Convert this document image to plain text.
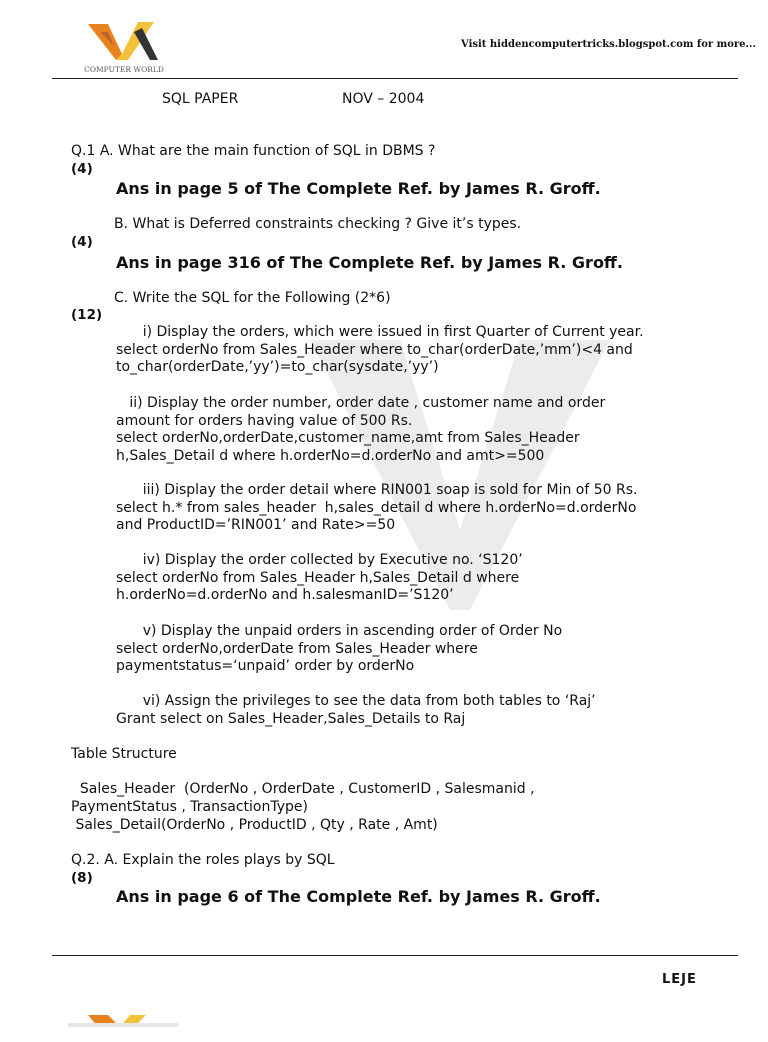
COMPUTER WORLD
Visit hiddencomputertricks.blogspot.com for more...
SQL PAPER	NOV – 2004
Q.1 A. What are the main function of SQL in DBMS ?
(4)
Ans in page 5 of The Complete Ref. by James R. Groff.
B. What is Deferred constraints checking ? Give it’s types.
(4)
Ans in page 316 of The Complete Ref. by James R. Groff.
C. Write the SQL for the Following (2*6)
(12)
i) Display the orders, which were issued in first Quarter of Current year.
select orderNo from Sales_Header where to_char(orderDate,’mm’)<4 and
to_char(orderDate,’yy’)=to_char(sysdate,’yy’)
ii) Display the order number, order date , customer name and order
amount for orders having value of 500 Rs.
select orderNo,orderDate,customer_name,amt from Sales_Header
h,Sales_Detail d where h.orderNo=d.orderNo and amt>=500
iii) Display the order detail where RIN001 soap is sold for Min of 50 Rs.
select h.* from sales_header  h,sales_detail d where h.orderNo=d.orderNo
and ProductID=’RIN001’ and Rate>=50
iv) Display the order collected by Executive no. ‘S120’
select orderNo from Sales_Header h,Sales_Detail d where
h.orderNo=d.orderNo and h.salesmanID=’S120’
v) Display the unpaid orders in ascending order of Order No
select orderNo,orderDate from Sales_Header where
paymentstatus=‘unpaid’ order by orderNo
vi) Assign the privileges to see the data from both tables to ‘Raj’
Grant select on Sales_Header,Sales_Details to Raj
Table Structure
Sales_Header  (OrderNo , OrderDate , CustomerID , Salesmanid ,
PaymentStatus , TransactionType)
Sales_Detail(OrderNo , ProductID , Qty , Rate , Amt)
Q.2. A. Explain the roles plays by SQL
(8)
Ans in page 6 of The Complete Ref. by James R. Groff.
LEJE
